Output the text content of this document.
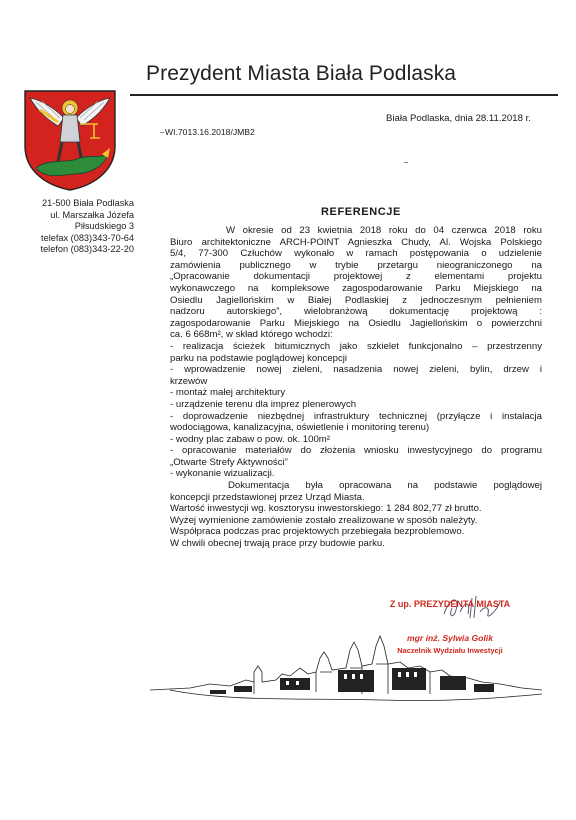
Prezydent Miasta Biała Podlaska
21-500 Biała Podlaska
ul. Marszałka Józefa
Piłsudskiego 3
telefax (083)343-70-64
telefon (083)343-22-20
Biała Podlaska, dnia 28.11.2018 r.
WI.7013.16.2018/JMB2
REFERENCJE

W okresie od 23 kwietnia 2018 roku do 04 czerwca 2018 roku

Biuro architektoniczne ARCH-POINT Agnieszka Chudy, Al. Wojska Polskiego

5/4, 77-300 Człuchów wykonało w ramach postępowania o udzielenie

zamówienia publicznego w trybie przetargu nieograniczonego na

„Opracowanie dokumentacji projektowej z elementami projektu

wykonawczego na kompleksowe zagospodarowanie Parku Miejskiego na

Osiedlu Jagiellońskim w Białej Podlaskiej z jednoczesnym pełnieniem

nadzoru autorskiego”, wielobranżową dokumentację projektową :

zagospodarowanie Parku Miejskiego na Osiedlu Jagiellońskim o powierzchni

ca. 6 668m², w skład którego wchodzi:

- realizacja ścieżek bitumicznych jako szkielet funkcjonalno – przestrzenny

parku na podstawie poglądowej koncepcji

- wprowadzenie nowej zieleni, nasadzenia nowej zieleni, bylin, drzew i

krzewów

- montaż małej architektury

- urządzenie terenu dla imprez plenerowych

- doprowadzenie niezbędnej infrastruktury technicznej (przyłącze i instalacja

wodociągowa, kanalizacyjna, oświetlenie i monitoring terenu)

- wodny plac zabaw o pow. ok. 100m²

- opracowanie materiałów do złożenia wniosku inwestycyjnego do programu

„Otwarte Strefy Aktywności”

- wykonanie wizualizacji.

Dokumentacja była opracowana na podstawie poglądowej

koncepcji przedstawionej przez Urząd Miasta.

Wartość inwestycji wg. kosztorysu inwestorskiego: 1 284 802,77 zł brutto.

Wyżej wymienione zamówienie zostało zrealizowane w sposób należyty.

Współpraca podczas prac projektowych przebiegała bezproblemowo.

W chwili obecnej trwają prace przy budowie parku.

Z up. PREZYDENTA MIASTA
mgr inż. Sylwia Golik
Naczelnik Wydziału Inwestycji
